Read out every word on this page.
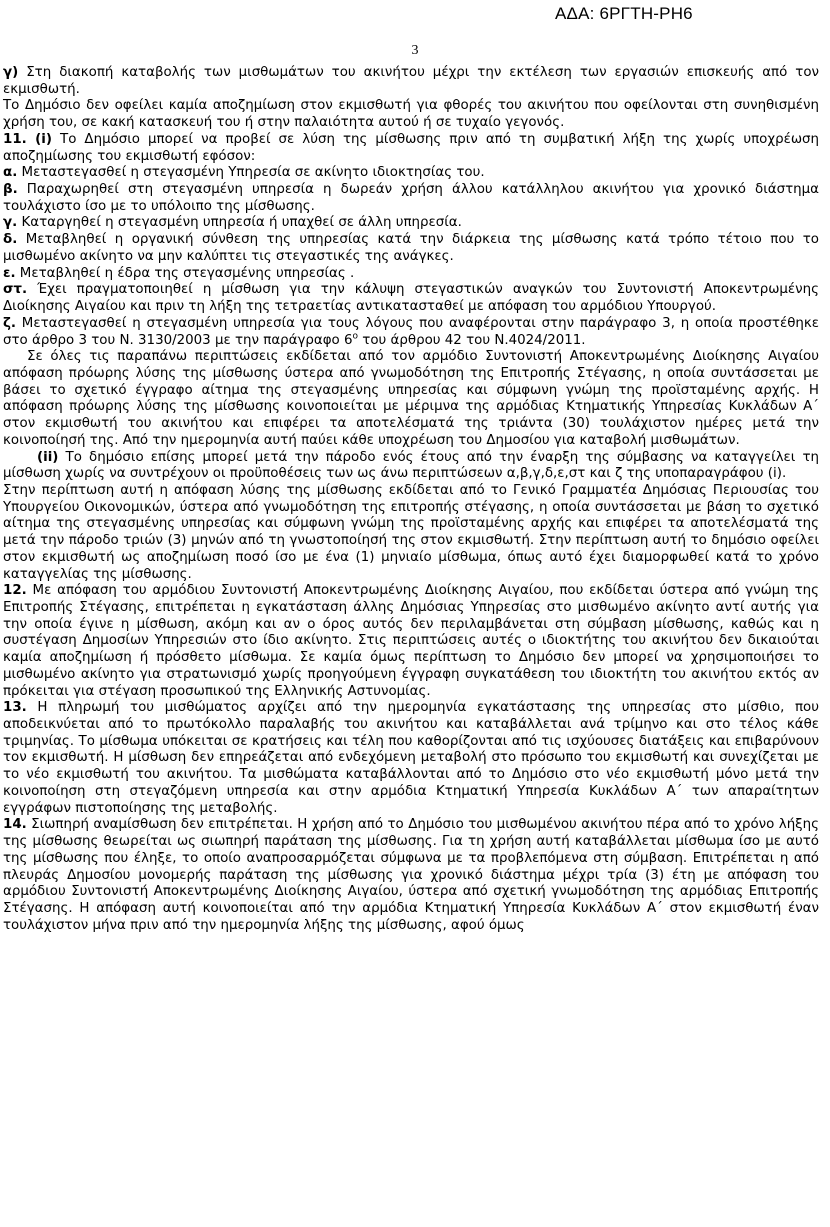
ΑΔΑ: 6ΡΓΤΗ-ΡΗ6
3

γ) Στη διακοπή καταβολής των μισθωμάτων του ακινήτου μέχρι την εκτέλεση των εργασιών επισκευής από τον εκμισθωτή.

Το Δημόσιο δεν οφείλει καμία αποζημίωση στον εκμισθωτή για φθορές του ακινήτου που οφείλονται στη συνηθισμένη χρήση του, σε κακή κατασκευή του ή στην παλαιότητα αυτού ή σε τυχαίο γεγονός.

11. (i) Το Δημόσιο μπορεί να προβεί σε λύση της μίσθωσης πριν από τη συμβατική λήξη της χωρίς υποχρέωση αποζημίωσης του εκμισθωτή εφόσον:

α. Μεταστεγασθεί η στεγασμένη Υπηρεσία σε ακίνητο ιδιοκτησίας του.

β. Παραχωρηθεί στη στεγασμένη υπηρεσία η δωρεάν χρήση άλλου κατάλληλου ακινήτου για χρονικό διάστημα τουλάχιστο ίσο με το υπόλοιπο της μίσθωσης.

γ. Καταργηθεί η στεγασμένη υπηρεσία ή υπαχθεί σε άλλη υπηρεσία.

δ. Μεταβληθεί η οργανική σύνθεση της υπηρεσίας κατά την διάρκεια της μίσθωσης κατά τρόπο τέτοιο που το μισθωμένο ακίνητο να μην καλύπτει τις στεγαστικές της ανάγκες.

ε. Μεταβληθεί η έδρα της στεγασμένης υπηρεσίας .

στ. Έχει πραγματοποιηθεί η μίσθωση για την κάλυψη στεγαστικών αναγκών του Συντονιστή Αποκεντρωμένης Διοίκησης Αιγαίου και πριν τη λήξη της τετραετίας αντικατασταθεί με απόφαση του αρμόδιου Υπουργού.

ζ. Μεταστεγασθεί η στεγασμένη υπηρεσία για τους λόγους που αναφέρονται στην παράγραφο 3, η οποία προστέθηκε στο άρθρο 3 του Ν. 3130/2003 με την παράγραφο $6^o$ του άρθρου 42 του Ν.4024/2011.

Σε όλες τις παραπάνω περιπτώσεις εκδίδεται από τον αρμόδιο Συντονιστή Αποκεντρωμένης Διοίκησης Αιγαίου απόφαση πρόωρης λύσης της μίσθωσης ύστερα από γνωμοδότηση της Επιτροπής Στέγασης, η οποία συντάσσεται με βάσει το σχετικό έγγραφο αίτημα της στεγασμένης υπηρεσίας και σύμφωνη γνώμη της προϊσταμένης αρχής. Η απόφαση πρόωρης λύσης της μίσθωσης κοινοποιείται με μέριμνα της αρμόδιας Κτηματικής Υπηρεσίας Κυκλάδων Α΄ στον εκμισθωτή του ακινήτου και επιφέρει τα αποτελέσματά της τριάντα (30) τουλάχιστον ημέρες μετά την κοινοποίησή της. Από την ημερομηνία αυτή παύει κάθε υποχρέωση του Δημοσίου για καταβολή μισθωμάτων.

(ii) Το δημόσιο επίσης μπορεί μετά την πάροδο ενός έτους από την έναρξη της σύμβασης να καταγγείλει τη μίσθωση χωρίς να συντρέχουν οι προϋποθέσεις των ως άνω περιπτώσεων α,β,γ,δ,ε,στ και ζ της υποπαραγράφου (i).

Στην περίπτωση αυτή η απόφαση λύσης της μίσθωσης εκδίδεται από το Γενικό Γραμματέα Δημόσιας Περιουσίας του Υπουργείου Οικονομικών, ύστερα από γνωμοδότηση της επιτροπής στέγασης, η οποία συντάσσεται με βάση το σχετικό αίτημα της στεγασμένης υπηρεσίας και σύμφωνη γνώμη της προϊσταμένης αρχής και επιφέρει τα αποτελέσματά της μετά την πάροδο τριών (3) μηνών από τη γνωστοποίησή της στον εκμισθωτή. Στην περίπτωση αυτή το δημόσιο οφείλει στον εκμισθωτή ως αποζημίωση ποσό ίσο με ένα (1) μηνιαίο μίσθωμα, όπως αυτό έχει διαμορφωθεί κατά το χρόνο καταγγελίας της μίσθωσης.

12. Με απόφαση του αρμόδιου Συντονιστή Αποκεντρωμένης Διοίκησης Αιγαίου, που εκδίδεται ύστερα από γνώμη της Επιτροπής Στέγασης, επιτρέπεται η εγκατάσταση άλλης Δημόσιας Υπηρεσίας στο μισθωμένο ακίνητο αντί αυτής για την οποία έγινε η μίσθωση, ακόμη και αν ο όρος αυτός δεν περιλαμβάνεται στη σύμβαση μίσθωσης, καθώς και η συστέγαση Δημοσίων Υπηρεσιών στο ίδιο ακίνητο. Στις περιπτώσεις αυτές ο ιδιοκτήτης του ακινήτου δεν δικαιούται καμία αποζημίωση ή πρόσθετο μίσθωμα. Σε καμία όμως περίπτωση το Δημόσιο δεν μπορεί να χρησιμοποιήσει το μισθωμένο ακίνητο για στρατωνισμό χωρίς προηγούμενη έγγραφη συγκατάθεση του ιδιοκτήτη του ακινήτου εκτός αν πρόκειται για στέγαση προσωπικού της Ελληνικής Αστυνομίας.

13. Η πληρωμή του μισθώματος αρχίζει από την ημερομηνία εγκατάστασης της υπηρεσίας στο μίσθιο, που αποδεικνύεται από το πρωτόκολλο παραλαβής του ακινήτου και καταβάλλεται ανά τρίμηνο και στο τέλος κάθε τριμηνίας. Το μίσθωμα υπόκειται σε κρατήσεις και τέλη που καθορίζονται από τις ισχύουσες διατάξεις και επιβαρύνουν τον εκμισθωτή. Η μίσθωση δεν επηρεάζεται από ενδεχόμενη μεταβολή στο πρόσωπο του εκμισθωτή και συνεχίζεται με το νέο εκμισθωτή του ακινήτου. Τα μισθώματα καταβάλλονται από το Δημόσιο στο νέο εκμισθωτή μόνο μετά την κοινοποίηση στη στεγαζόμενη υπηρεσία και στην αρμόδια Κτηματική Υπηρεσία Κυκλάδων Α΄ των απαραίτητων εγγράφων πιστοποίησης της μεταβολής.

14. Σιωπηρή αναμίσθωση δεν επιτρέπεται. Η χρήση από το Δημόσιο του μισθωμένου ακινήτου πέρα από το χρόνο λήξης της μίσθωσης θεωρείται ως σιωπηρή παράταση της μίσθωσης. Για τη χρήση αυτή καταβάλλεται μίσθωμα ίσο με αυτό της μίσθωσης που έληξε, το οποίο αναπροσαρμόζεται σύμφωνα με τα προβλεπόμενα στη σύμβαση. Επιτρέπεται η από πλευράς Δημοσίου μονομερής παράταση της μίσθωσης για χρονικό διάστημα μέχρι τρία (3) έτη με απόφαση του αρμόδιου Συντονιστή Αποκεντρωμένης Διοίκησης Αιγαίου, ύστερα από σχετική γνωμοδότηση της αρμόδιας Επιτροπής Στέγασης. Η απόφαση αυτή κοινοποιείται από την αρμόδια Κτηματική Υπηρεσία Κυκλάδων Α΄ στον εκμισθωτή έναν τουλάχιστον μήνα πριν από την ημερομηνία λήξης της μίσθωσης, αφού όμως
